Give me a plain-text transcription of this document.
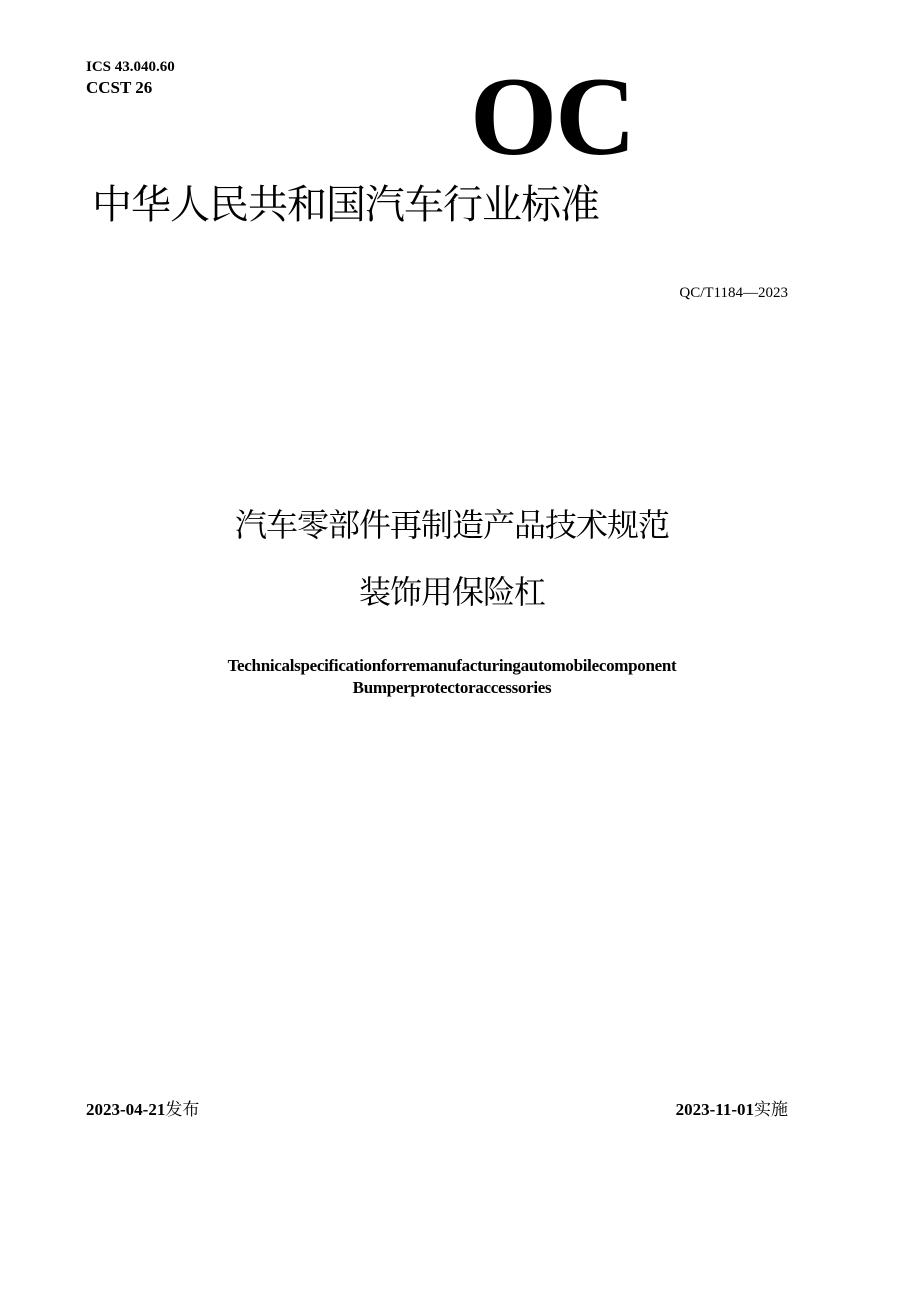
ICS 43.040.60
CCST 26	OC
中华人民共和国汽车行业标准
QC/T1184—2023
汽车零部件再制造产品技术规范
装饰用保险杠
Technicalspecificationforremanufacturingautomobilecomponent
Bumperprotectoraccessories
2023-04-21发布	2023-11-01实施
